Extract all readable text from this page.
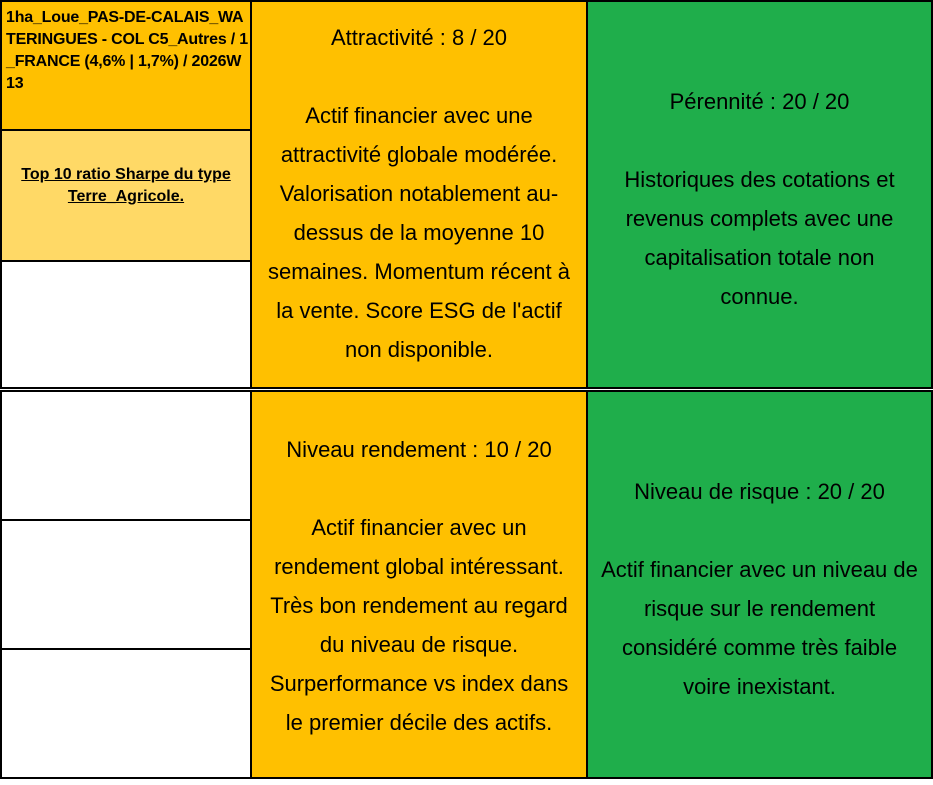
1ha_Loue_PAS-DE-CALAIS_WATERINGUES - COL C5_Autres / 1_FRANCE (4,6% | 1,7%) / 2026W13
Top 10 ratio Sharpe du type Terre_Agricole.
Attractivité : 8 / 20
Actif financier avec une
attractivité globale modérée.
Valorisation notablement au-
dessus de la moyenne 10
semaines. Momentum récent à
la vente. Score ESG de l'actif
non disponible.
Pérennité : 20 / 20
Historiques des cotations et
revenus complets avec une
capitalisation totale non
connue.
Niveau rendement : 10 / 20
Actif financier avec un
rendement global intéressant.
Très bon rendement au regard
du niveau de risque.
Surperformance vs index dans
le premier décile des actifs.
Niveau de risque : 20 / 20
Actif financier avec un niveau de
risque sur le rendement
considéré comme très faible
voire inexistant.
